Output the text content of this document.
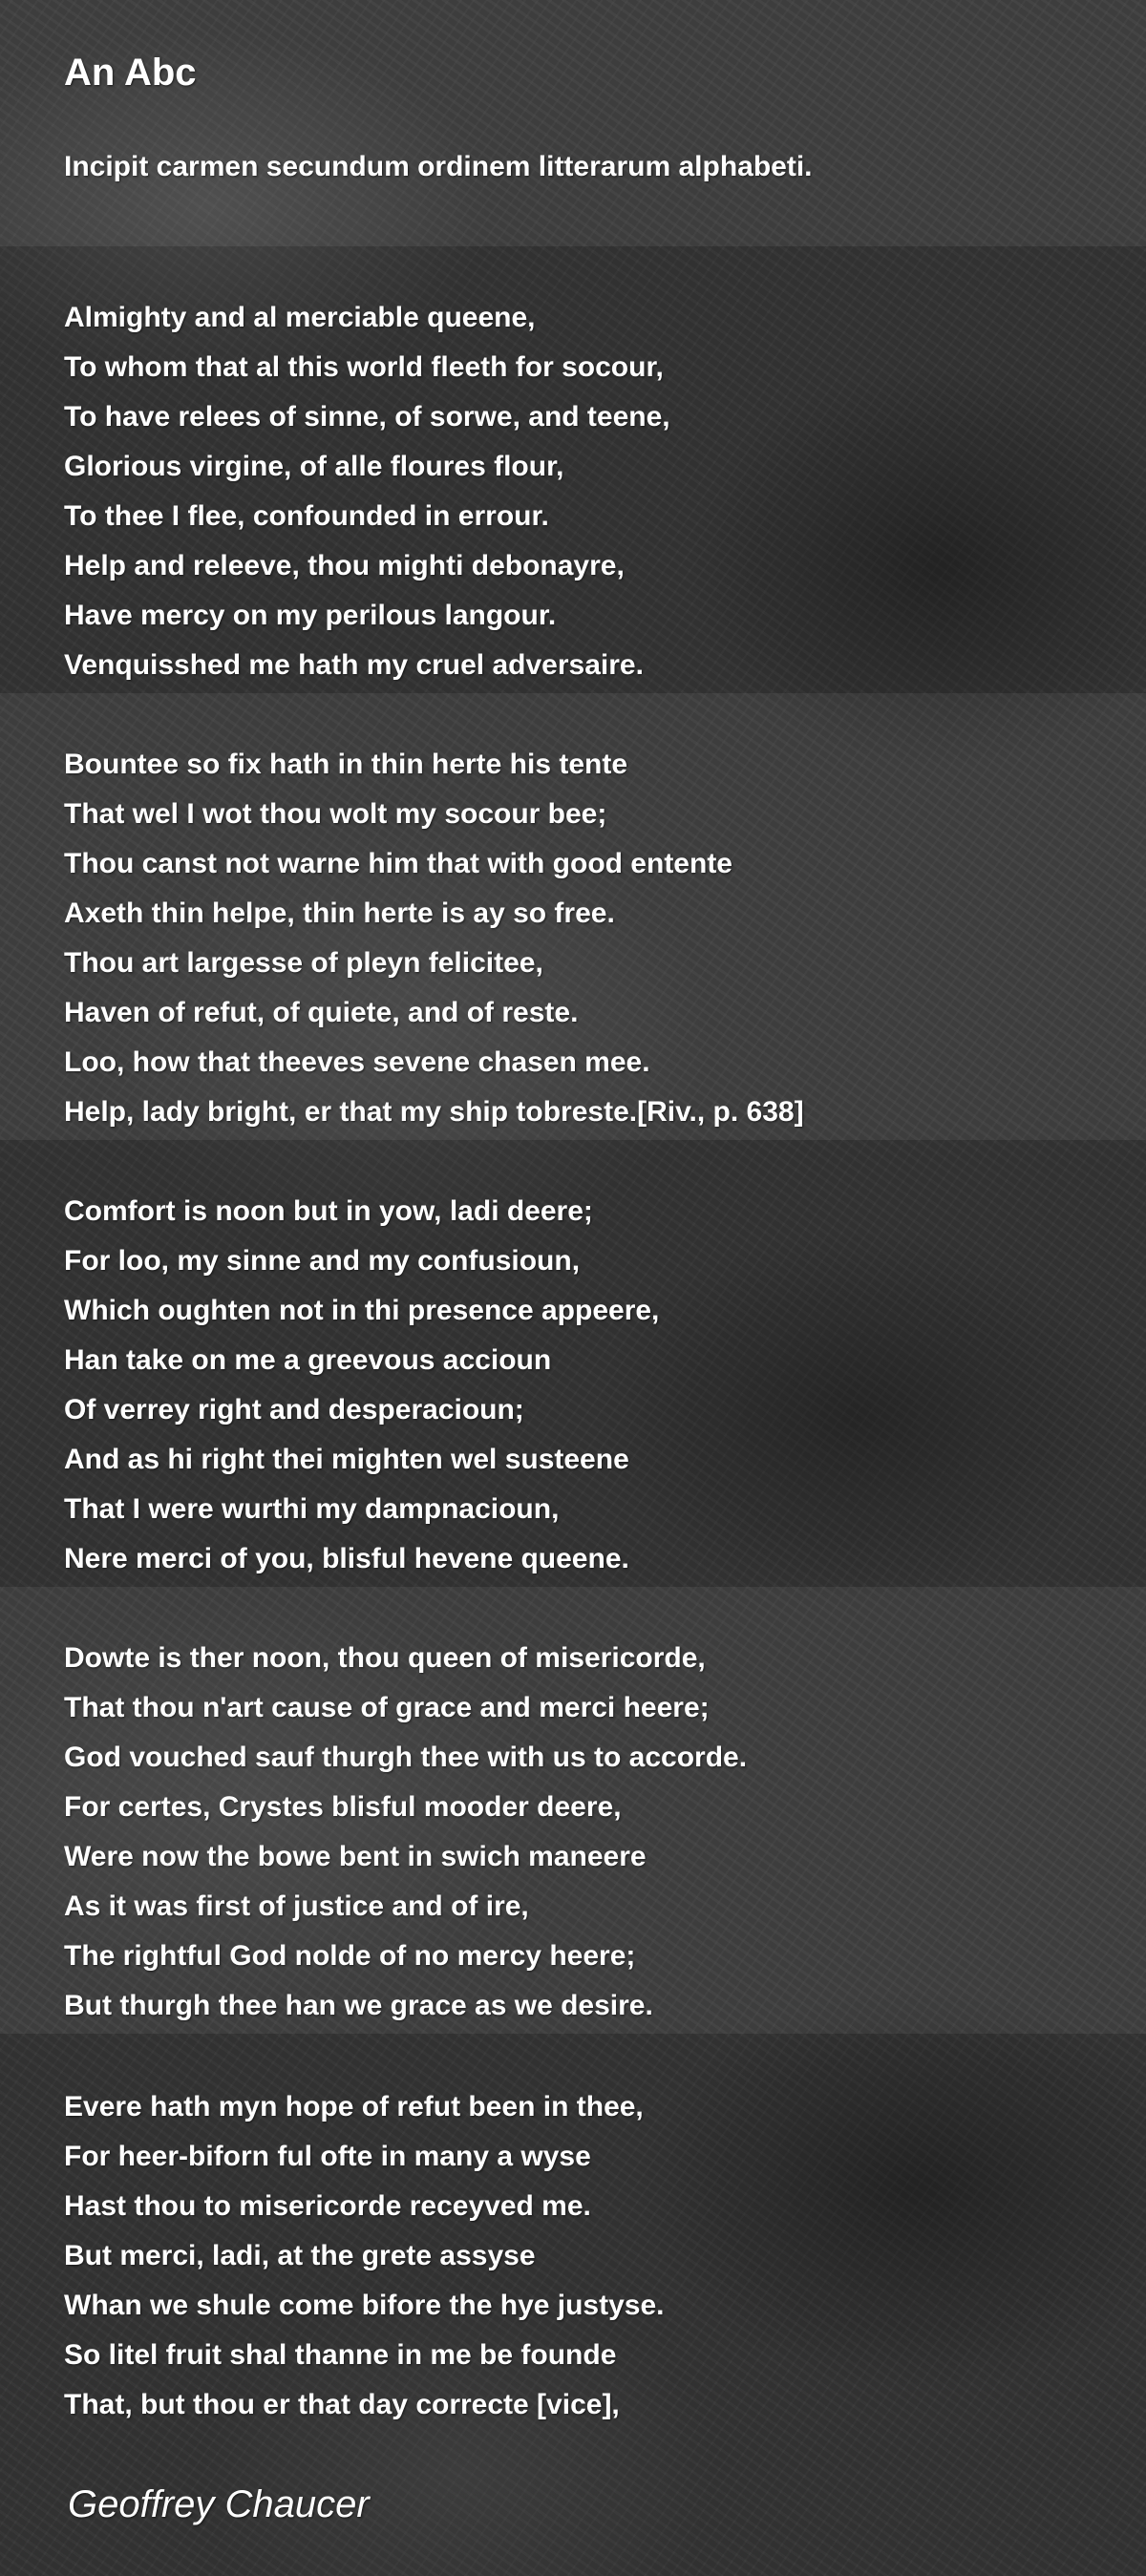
An Abc

Incipit carmen secundum ordinem litterarum alphabeti.

Almighty and al merciable queene,
To whom that al this world fleeth for socour,
To have relees of sinne, of sorwe, and teene,
Glorious virgine, of alle floures flour,
To thee I flee, confounded in errour.
Help and releeve, thou mighti debonayre,
Have mercy on my perilous langour.
Venquisshed me hath my cruel adversaire.
Bountee so fix hath in thin herte his tente
That wel I wot thou wolt my socour bee;
Thou canst not warne him that with good entente
Axeth thin helpe, thin herte is ay so free.
Thou art largesse of pleyn felicitee,
Haven of refut, of quiete, and of reste.
Loo, how that theeves sevene chasen mee.
Help, lady bright, er that my ship tobreste.[Riv., p. 638]
Comfort is noon but in yow, ladi deere;
For loo, my sinne and my confusioun,
Which oughten not in thi presence appeere,
Han take on me a greevous accioun
Of verrey right and desperacioun;
And as hi right thei mighten wel susteene
That I were wurthi my dampnacioun,
Nere merci of you, blisful hevene queene.
Dowte is ther noon, thou queen of misericorde,
That thou n'art cause of grace and merci heere;
God vouched sauf thurgh thee with us to accorde.
For certes, Crystes blisful mooder deere,
Were now the bowe bent in swich maneere
As it was first of justice and of ire,
The rightful God nolde of no mercy heere;
But thurgh thee han we grace as we desire.
Evere hath myn hope of refut been in thee,
For heer-biforn ful ofte in many a wyse
Hast thou to misericorde receyved me.
But merci, ladi, at the grete assyse
Whan we shule come bifore the hye justyse.
So litel fruit shal thanne in me be founde
That, but thou er that day correcte [vice],

Geoffrey Chaucer
